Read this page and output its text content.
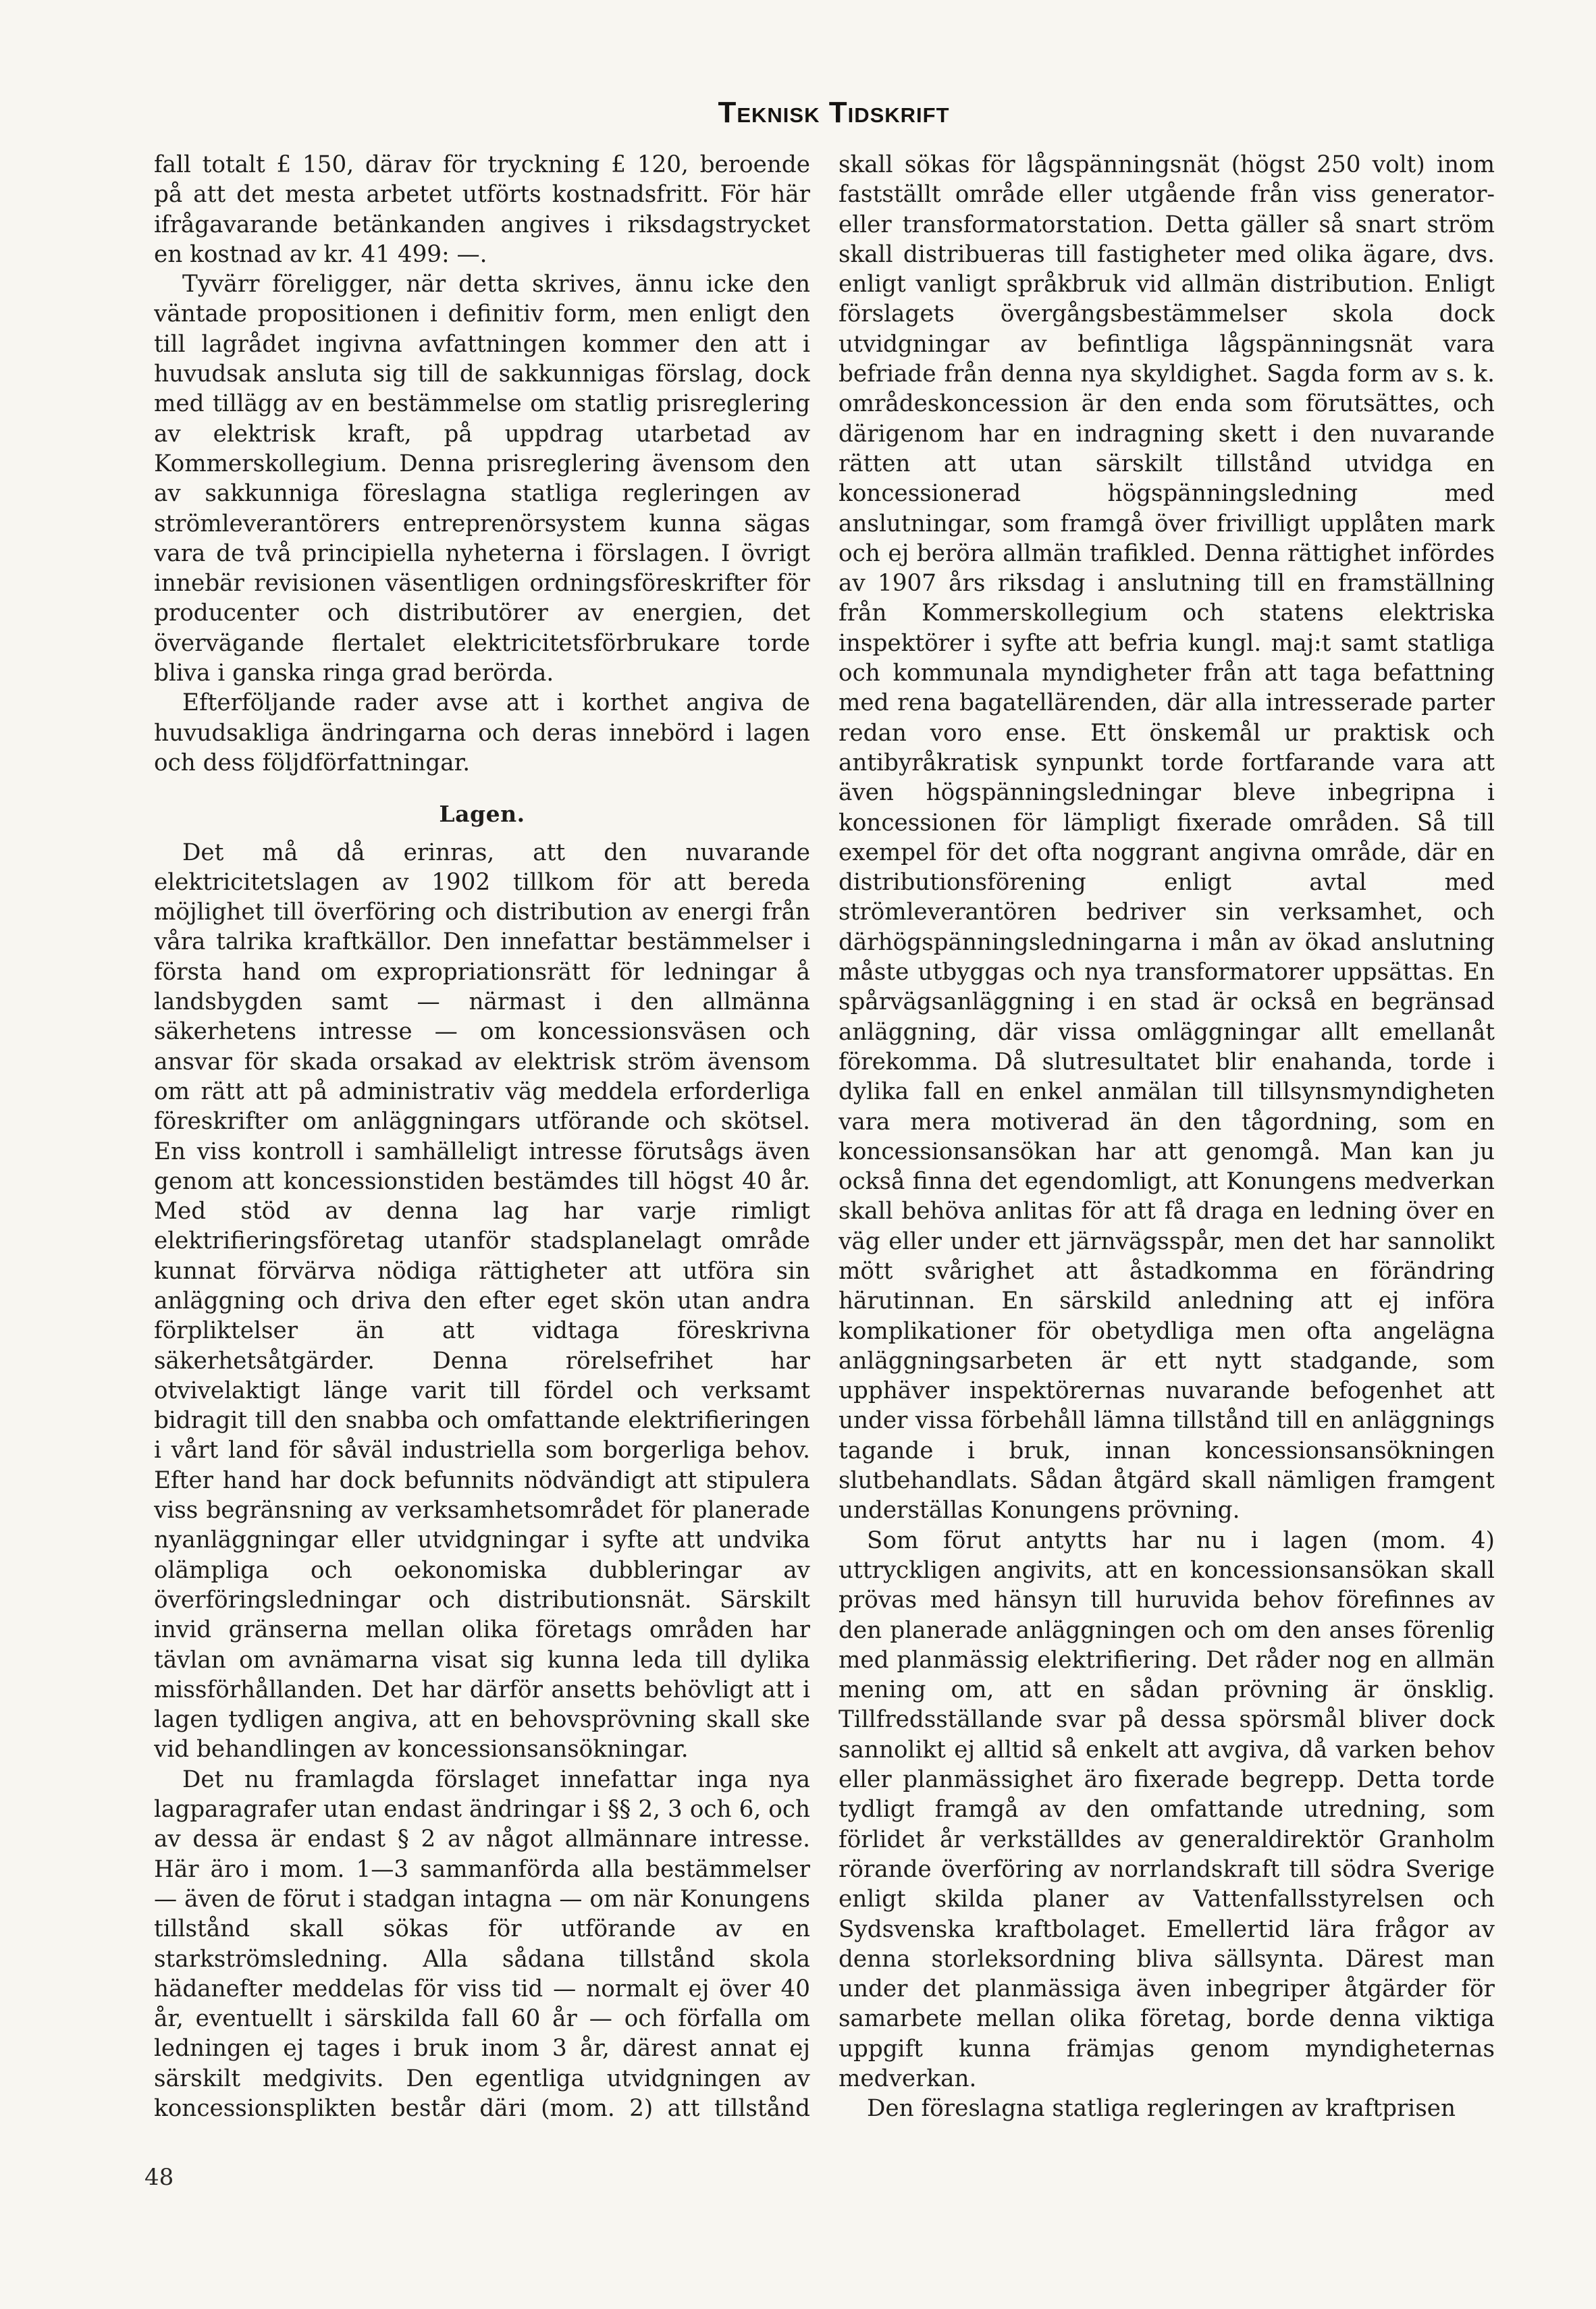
Teknisk Tidskrift

fall totalt £ 150, därav för tryckning £ 120, beroende på att det mesta arbetet utförts kostnadsfritt. För här ifrågavarande betänkanden angives i riksdagstrycket en kostnad av kr. 41 499: —.

Tyvärr föreligger, när detta skrives, ännu icke den väntade propositionen i definitiv form, men enligt den till lagrådet ingivna avfattningen kommer den att i huvudsak ansluta sig till de sakkunnigas förslag, dock med tillägg av en bestämmelse om statlig prisreglering av elektrisk kraft, på uppdrag utarbetad av Kommerskollegium. Denna prisreglering ävensom den av sakkunniga föreslagna statliga regleringen av strömleverantörers entreprenörsystem kunna sägas vara de två principiella nyheterna i förslagen. I övrigt innebär revisionen väsentligen ordningsföreskrifter för producenter och distributörer av energien, det övervägande flertalet elektricitetsförbrukare torde bliva i ganska ringa grad berörda.

Efterföljande rader avse att i korthet angiva de huvudsakliga ändringarna och deras innebörd i lagen och dess följdförfattningar.

Lagen.

Det må då erinras, att den nuvarande elektricitetslagen av 1902 tillkom för att bereda möjlighet till överföring och distribution av energi från våra talrika kraftkällor. Den innefattar bestämmelser i första hand om expropriationsrätt för ledningar å landsbygden samt — närmast i den allmänna säkerhetens intresse — om koncessionsväsen och ansvar för skada orsakad av elektrisk ström ävensom om rätt att på administrativ väg meddela erforderliga föreskrifter om anläggningars utförande och skötsel. En viss kontroll i samhälleligt intresse förutsågs även genom att koncessionstiden bestämdes till högst 40 år. Med stöd av denna lag har varje rimligt elektrifieringsföretag utanför stadsplanelagt område kunnat förvärva nödiga rättigheter att utföra sin anläggning och driva den efter eget skön utan andra förpliktelser än att vidtaga föreskrivna säkerhetsåtgärder. Denna rörelsefrihet har otvivelaktigt länge varit till fördel och verksamt bidragit till den snabba och omfattande elektrifieringen i vårt land för såväl industriella som borgerliga behov. Efter hand har dock befunnits nödvändigt att stipulera viss begränsning av verksamhetsområdet för planerade nyanläggningar eller utvidgningar i syfte att undvika olämpliga och oekonomiska dubbleringar av överföringsledningar och distributionsnät. Särskilt invid gränserna mellan olika företags områden har tävlan om avnämarna visat sig kunna leda till dylika missförhållanden. Det har därför ansetts behövligt att i lagen tydligen angiva, att en behovsprövning skall ske vid behandlingen av koncessionsansökningar.

Det nu framlagda förslaget innefattar inga nya lagparagrafer utan endast ändringar i §§ 2, 3 och 6, och av dessa är endast § 2 av något allmännare intresse. Här äro i mom. 1—3 sammanförda alla bestämmelser — även de förut i stadgan intagna — om när Konungens tillstånd skall sökas för utförande av en starkströmsledning. Alla sådana tillstånd skola hädanefter meddelas för viss tid — normalt ej över 40 år, eventuellt i särskilda fall 60 år — och förfalla om ledningen ej tages i bruk inom 3 år, därest annat ej särskilt medgivits. Den egentliga utvidgningen av koncessionsplikten består däri (mom. 2) att tillstånd

skall sökas för lågspänningsnät (högst 250 volt) inom fastställt område eller utgående från viss generator- eller transformatorstation. Detta gäller så snart ström skall distribueras till fastigheter med olika ägare, dvs. enligt vanligt språkbruk vid allmän distribution. Enligt förslagets övergångsbestämmelser skola dock utvidgningar av befintliga lågspänningsnät vara befriade från denna nya skyldighet. Sagda form av s. k. områdeskoncession är den enda som förutsättes, och därigenom har en indragning skett i den nuvarande rätten att utan särskilt tillstånd utvidga en koncessionerad högspänningsledning med anslutningar, som framgå över frivilligt upplåten mark och ej beröra allmän trafikled. Denna rättighet infördes av 1907 års riksdag i anslutning till en framställning från Kommerskollegium och statens elektriska inspektörer i syfte att befria kungl. maj:t samt statliga och kommunala myndigheter från att taga befattning med rena bagatellärenden, där alla intresserade parter redan voro ense. Ett önskemål ur praktisk och antibyråkratisk synpunkt torde fortfarande vara att även högspänningsledningar bleve inbegripna i koncessionen för lämpligt fixerade områden. Så till exempel för det ofta noggrant angivna område, där en distributionsförening enligt avtal med strömleverantören bedriver sin verksamhet, och därhögspänningsledningarna i mån av ökad anslutning måste utbyggas och nya transformatorer uppsättas. En spårvägsanläggning i en stad är också en begränsad anläggning, där vissa omläggningar allt emellanåt förekomma. Då slutresultatet blir enahanda, torde i dylika fall en enkel anmälan till tillsynsmyndigheten vara mera motiverad än den tågordning, som en koncessionsansökan har att genomgå. Man kan ju också finna det egendomligt, att Konungens medverkan skall behöva anlitas för att få draga en ledning över en väg eller under ett järnvägsspår, men det har sannolikt mött svårighet att åstadkomma en förändring härutinnan. En särskild anledning att ej införa komplikationer för obetydliga men ofta angelägna anläggningsarbeten är ett nytt stadgande, som upphäver inspektörernas nuvarande befogenhet att under vissa förbehåll lämna tillstånd till en anläggnings tagande i bruk, innan koncessionsansökningen slutbehandlats. Sådan åtgärd skall nämligen framgent underställas Konungens prövning.

Som förut antytts har nu i lagen (mom. 4) uttryckligen angivits, att en koncessionsansökan skall prövas med hänsyn till huruvida behov förefinnes av den planerade anläggningen och om den anses förenlig med planmässig elektrifiering. Det råder nog en allmän mening om, att en sådan prövning är önsklig. Tillfredsställande svar på dessa spörsmål bliver dock sannolikt ej alltid så enkelt att avgiva, då varken behov eller planmässighet äro fixerade begrepp. Detta torde tydligt framgå av den omfattande utredning, som förlidet år verkställdes av generaldirektör Granholm rörande överföring av norrlandskraft till södra Sverige enligt skilda planer av Vattenfallsstyrelsen och Sydsvenska kraftbolaget. Emellertid lära frågor av denna storleksordning bliva sällsynta. Därest man under det planmässiga även inbegriper åtgärder för samarbete mellan olika företag, borde denna viktiga uppgift kunna främjas genom myndigheternas medverkan.

Den föreslagna statliga regleringen av kraftprisen

48
